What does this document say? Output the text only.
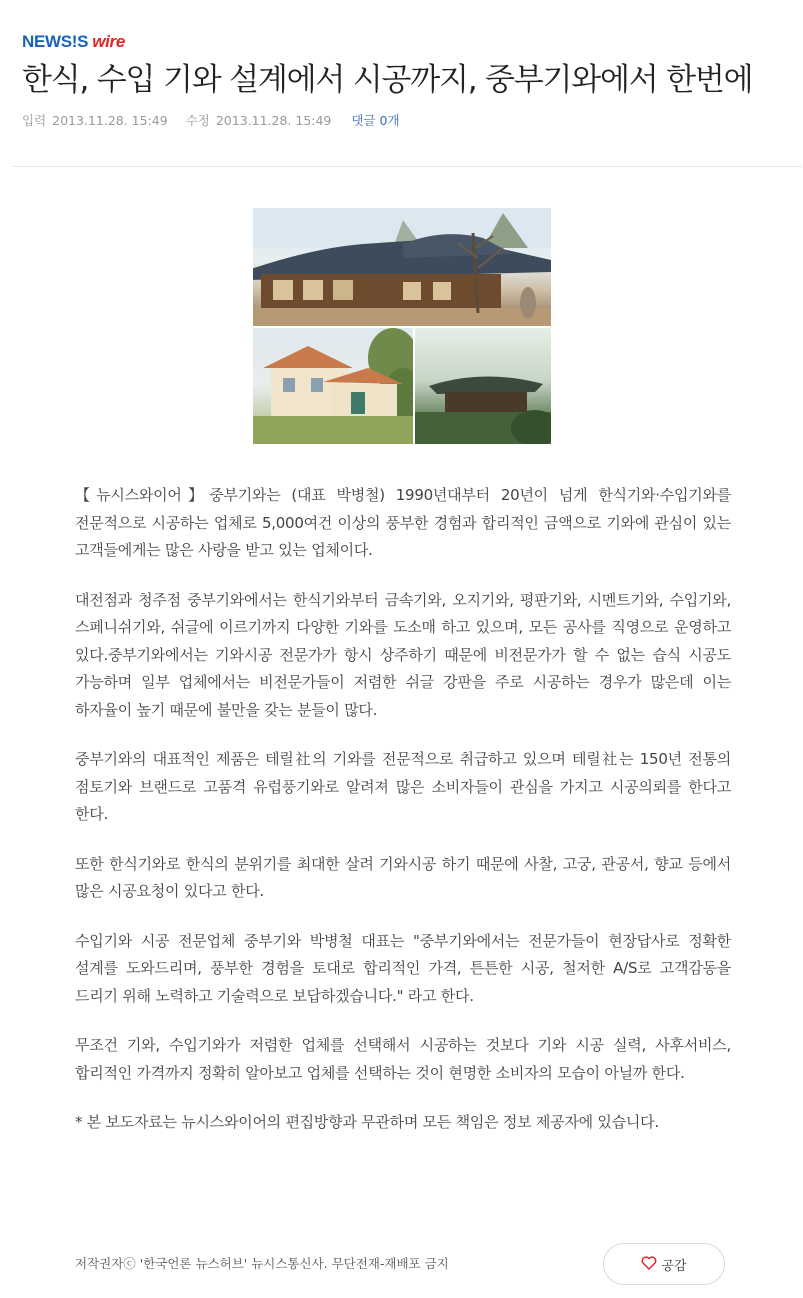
NEWS!S wire
한식, 수입 기와 설계에서 시공까지, 중부기와에서 한번에
입력 2013.11.28. 15:49 수정 2013.11.28. 15:49 댓글 0개

【뉴시스와이어】중부기와는 (대표 박병철) 1990년대부터 20년이 넘게 한식기와·수입기와를 전문적으로 시공하는 업체로 5,000여건 이상의 풍부한 경험과 합리적인 금액으로 기와에 관심이 있는 고객들에게는 많은 사랑을 받고 있는 업체이다.

대전점과 청주점 중부기와에서는 한식기와부터 금속기와, 오지기와, 평판기와, 시멘트기와, 수입기와, 스페니쉬기와, 쉬글에 이르기까지 다양한 기와를 도소매 하고 있으며, 모든 공사를 직영으로 운영하고 있다.중부기와에서는 기와시공 전문가가 항시 상주하기 때문에 비전문가가 할 수 없는 습식 시공도 가능하며 일부 업체에서는 비전문가들이 저렴한 쉬글 강판을 주로 시공하는 경우가 많은데 이는 하자율이 높기 때문에 불만을 갖는 분들이 많다.

중부기와의 대표적인 제품은 테릴社의 기와를 전문적으로 취급하고 있으며 테릴社는 150년 전통의 점토기와 브랜드로 고품격 유럽풍기와로 알려져 많은 소비자들이 관심을 가지고 시공의뢰를 한다고 한다.

또한 한식기와로 한식의 분위기를 최대한 살려 기와시공 하기 때문에 사찰, 고궁, 관공서, 향교 등에서 많은 시공요청이 있다고 한다.

수입기와 시공 전문업체 중부기와 박병철 대표는 "중부기와에서는 전문가들이 현장답사로 정확한 설계를 도와드리며, 풍부한 경험을 토대로 합리적인 가격, 튼튼한 시공, 철저한 A/S로 고객감동을 드리기 위해 노력하고 기술력으로 보답하겠습니다." 라고 한다.

무조건 기와, 수입기와가 저렴한 업체를 선택해서 시공하는 것보다 기와 시공 실력, 사후서비스, 합리적인 가격까지 정확히 알아보고 업체를 선택하는 것이 현명한 소비자의 모습이 아닐까 한다.

* 본 보도자료는 뉴시스와이어의 편집방향과 무관하며 모든 책임은 정보 제공자에 있습니다.

저작권자ⓒ '한국언론 뉴스허브' 뉴시스통신사. 무단전재-재배포 금지	공감
